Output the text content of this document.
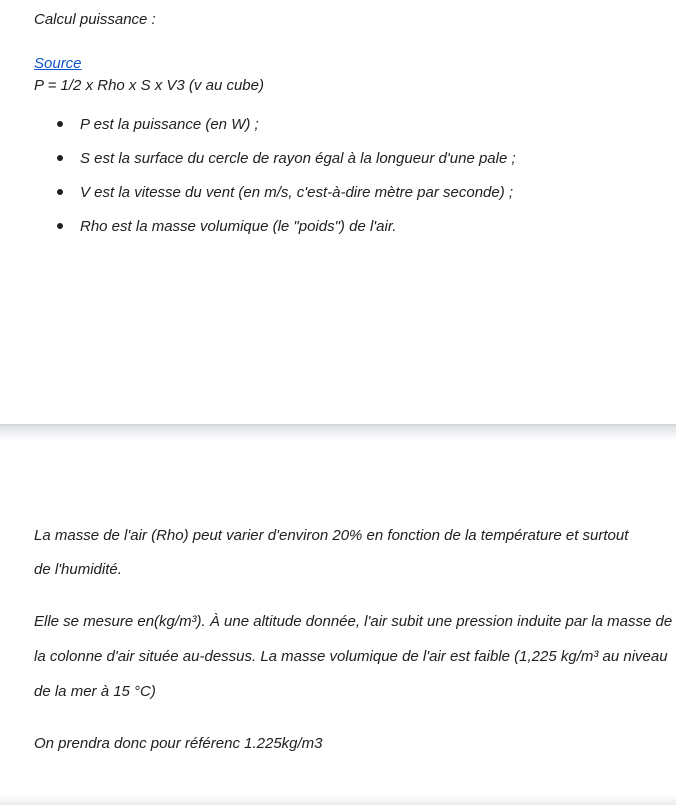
Calcul puissance :
Source
P = 1/2 x Rho x S x V3 (v au cube)
P est la puissance (en W) ;
S est la surface du cercle de rayon égal à la longueur d'une pale ;
V est la vitesse du vent (en m/s, c'est-à-dire mètre par seconde) ;
Rho est la masse volumique (le "poids") de l'air.
La masse de l'air (Rho) peut varier d'environ 20% en fonction de la température et surtout
de l'humidité.
Elle se mesure en(kg/m³). À une altitude donnée, l'air subit une pression induite par la masse de
la colonne d'air située au-dessus. La masse volumique de l'air est faible (1,225 kg/m³ au niveau
de la mer à 15 °C)
On prendra donc pour référenc 1.225kg/m3
